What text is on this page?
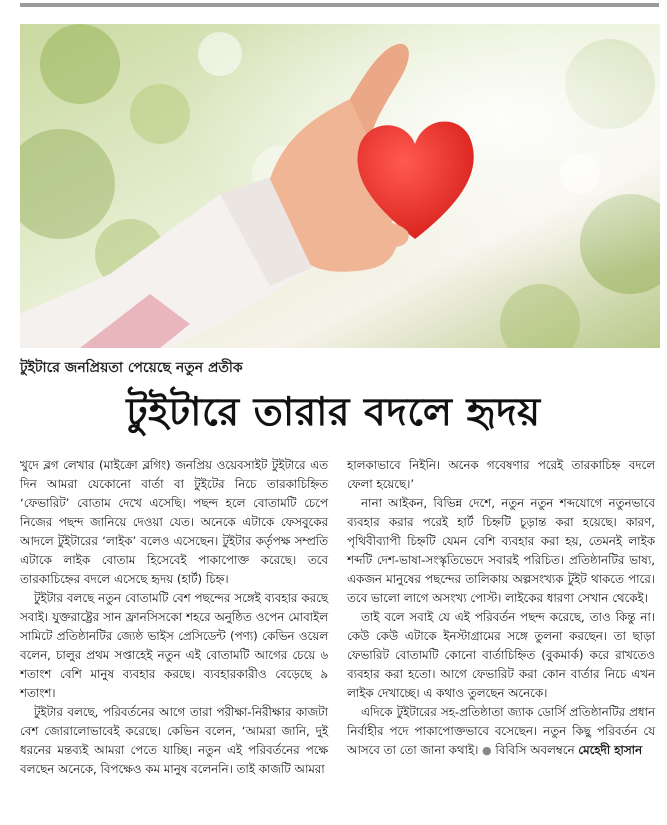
টুইটারে জনপ্রিয়তা পেয়েছে নতুন প্রতীক
টুইটারে তারার বদলে হৃদয়

খুদে ব্লগ লেখার (মাইক্রো ব্লগিং) জনপ্রিয় ওয়েবসাইট টুইটারে এত দিন আমরা যেকোনো বার্তা বা টুইটের নিচে তারকাচিহ্নিত ‘ফেভারিট’ বোতাম দেখে এসেছি। পছন্দ হলে বোতামটি চেপে নিজের পছন্দ জানিয়ে দেওয়া যেত। অনেকে এটাকে ফেসবুকের আদলে টুইটারের ‘লাইক’ বলেও এসেছেন। টুইটার কর্তৃপক্ষ সম্প্রতি এটাকে লাইক বোতাম হিসেবেই পাকাপোক্ত করেছে। তবে তারকাচিহ্নের বদলে এসেছে হৃদয় (হার্ট) চিহ্ন।

টুইটার বলছে নতুন বোতামটি বেশ পছন্দের সঙ্গেই ব্যবহার করছে সবাই। যুক্তরাষ্ট্রের সান ফ্রানসিসকো শহরে অনুষ্ঠিত ওপেন মোবাইল সামিটে প্রতিষ্ঠানটির জ্যেষ্ঠ ভাইস প্রেসিডেন্ট (পণ্য) কেভিন ওয়েল বলেন, চালুর প্রথম সপ্তাহেই নতুন এই বোতামটি আগের চেয়ে ৬ শতাংশ বেশি মানুষ ব্যবহার করছে। ব্যবহারকারীও বেড়েছে ৯ শতাংশ।

টুইটার বলছে, পরিবর্তনের আগে তারা পরীক্ষা-নিরীক্ষার কাজটা বেশ জোরালোভাবেই করেছে। কেভিন বলেন, ‘আমরা জানি, দুই ধরনের মন্তব্যই আমরা পেতে যাচ্ছি। নতুন এই পরিবর্তনের পক্ষে বলছেন অনেকে, বিপক্ষেও কম মানুষ বলেননি। তাই কাজটি আমরা

হালকাভাবে নিইনি। অনেক গবেষণার পরেই তারকাচিহ্ন বদলে ফেলা হয়েছে।’

নানা আইকন, বিভিন্ন দেশে, নতুন নতুন শব্দযোগে নতুনভাবে ব্যবহার করার পরেই হার্ট চিহ্নটি চূড়ান্ত করা হয়েছে। কারণ, পৃথিবীব্যাপী চিহ্নটি যেমন বেশি ব্যবহার করা হয়, তেমনই লাইক শব্দটি দেশ-ভাষা-সংস্কৃতিভেদে সবারই পরিচিত। প্রতিষ্ঠানটির ভাষ্য, একজন মানুষের পছন্দের তালিকায় অল্পসংখ্যক টুইট থাকতে পারে। তবে ভালো লাগে অসংখ্য পোস্ট। লাইকের ধারণা সেখান থেকেই।

তাই বলে সবাই যে এই পরিবর্তন পছন্দ করেছে, তাও কিন্তু না। কেউ কেউ এটাকে ইনস্টাগ্রামের সঙ্গে তুলনা করছেন। তা ছাড়া ফেভারিট বোতামটি কোনো বার্তাচিহ্নিত (বুকমার্ক) করে রাখতেও ব্যবহার করা হতো। আগে ফেভারিট করা কোন বার্তার নিচে এখন লাইক দেখাচ্ছে। এ কথাও তুলছেন অনেকে।

এদিকে টুইটারের সহ-প্রতিষ্ঠাতা জ্যাক ডোর্সি প্রতিষ্ঠানটির প্রধান নির্বাহীর পদে পাকাপোক্তভাবে বসেছেন। নতুন কিছু পরিবর্তন যে আসবে তা তো জানা কথাই। ● বিবিসি অবলম্বনে মেহেদী হাসান
